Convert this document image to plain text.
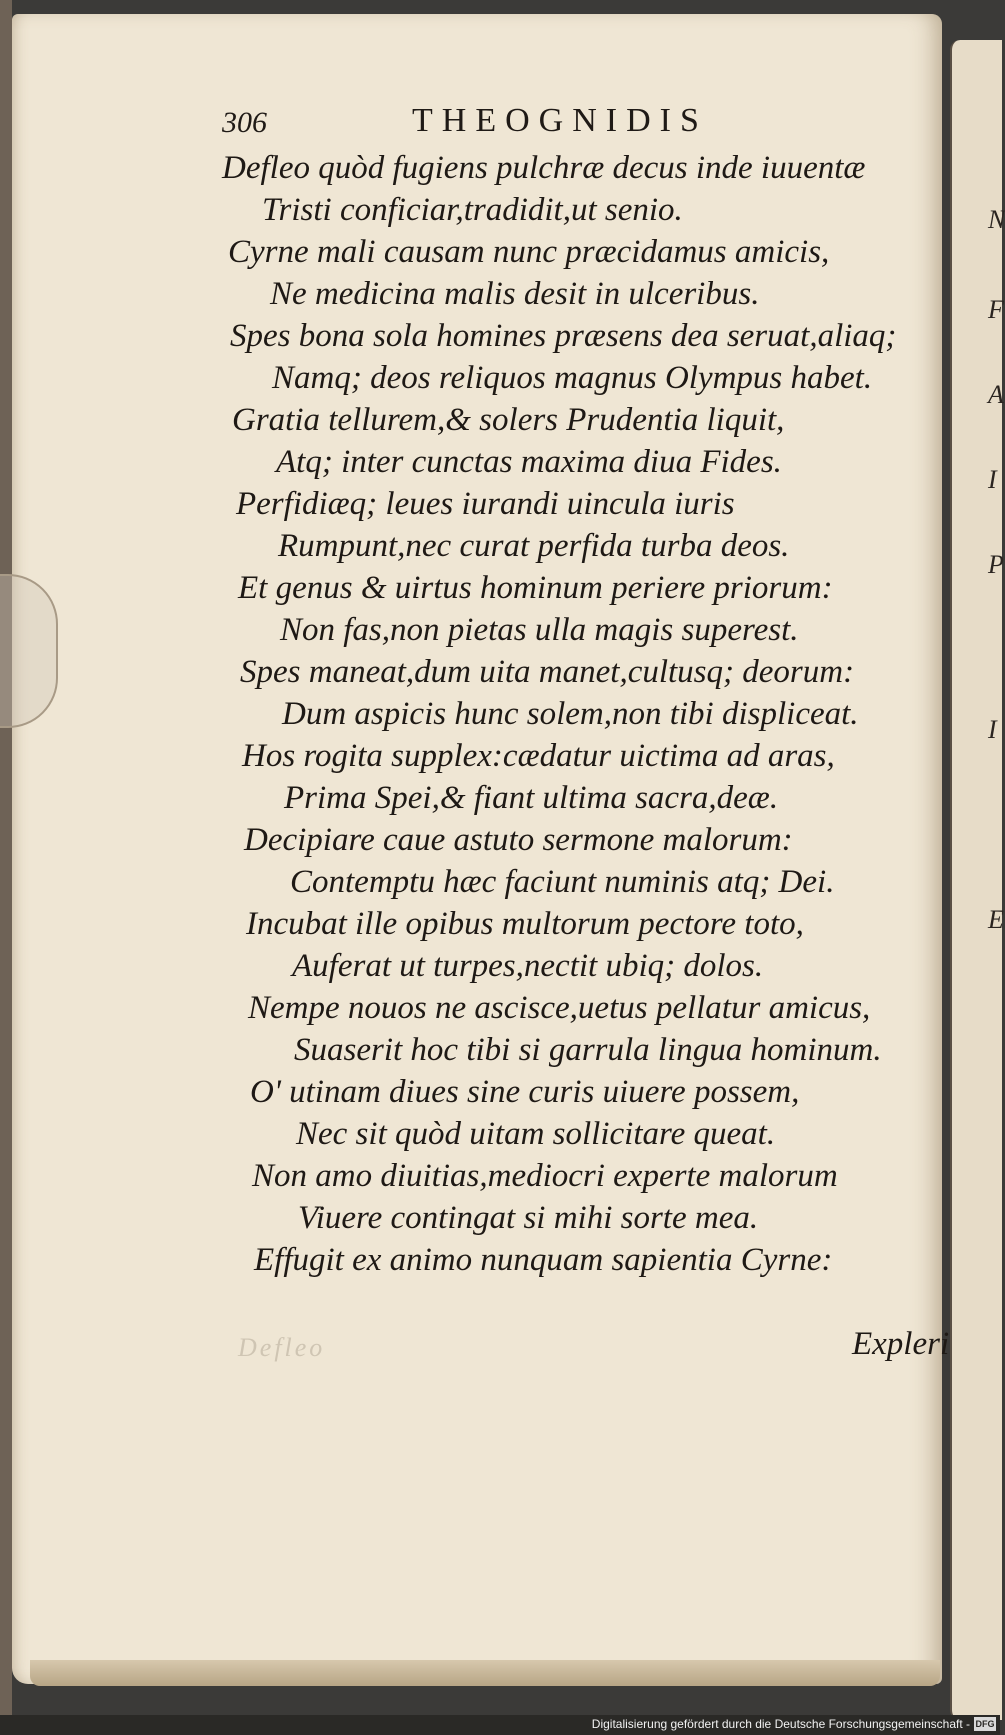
N
F
A
I
P
I
E
306	THEOGNIDIS
Defleo quòd fugiens pulchræ decus inde iuuentæ
Tristi conficiar,tradidit,ut senio.
Cyrne mali causam nunc præcidamus amicis,
Ne medicina malis desit in ulceribus.
Spes bona sola homines præsens dea seruat,aliaq;
Namq; deos reliquos magnus Olympus habet.
Gratia tellurem,& solers Prudentia liquit,
Atq; inter cunctas maxima diua Fides.
Perfidiæq; leues iurandi uincula iuris
Rumpunt,nec curat perfida turba deos.
Et genus & uirtus hominum periere priorum:
Non fas,non pietas ulla magis superest.
Spes maneat,dum uita manet,cultusq; deorum:
Dum aspicis hunc solem,non tibi displiceat.
Hos rogita supplex:cædatur uictima ad aras,
Prima Spei,& fiant ultima sacra,deæ.
Decipiare caue astuto sermone malorum:
Contemptu hæc faciunt numinis atq; Dei.
Incubat ille opibus multorum pectore toto,
Auferat ut turpes,nectit ubiq; dolos.
Nempe nouos ne ascisce,uetus pellatur amicus,
Suaserit hoc tibi si garrula lingua hominum.
O' utinam diues sine curis uiuere possem,
Nec sit quòd uitam sollicitare queat.
Non amo diuitias,mediocri experte malorum
Viuere contingat si mihi sorte mea.
Effugit ex animo nunquam sapientia Cyrne:
Defleo	Expleri
Digitalisierung gefördert durch die Deutsche Forschungsgemeinschaft - DFG
